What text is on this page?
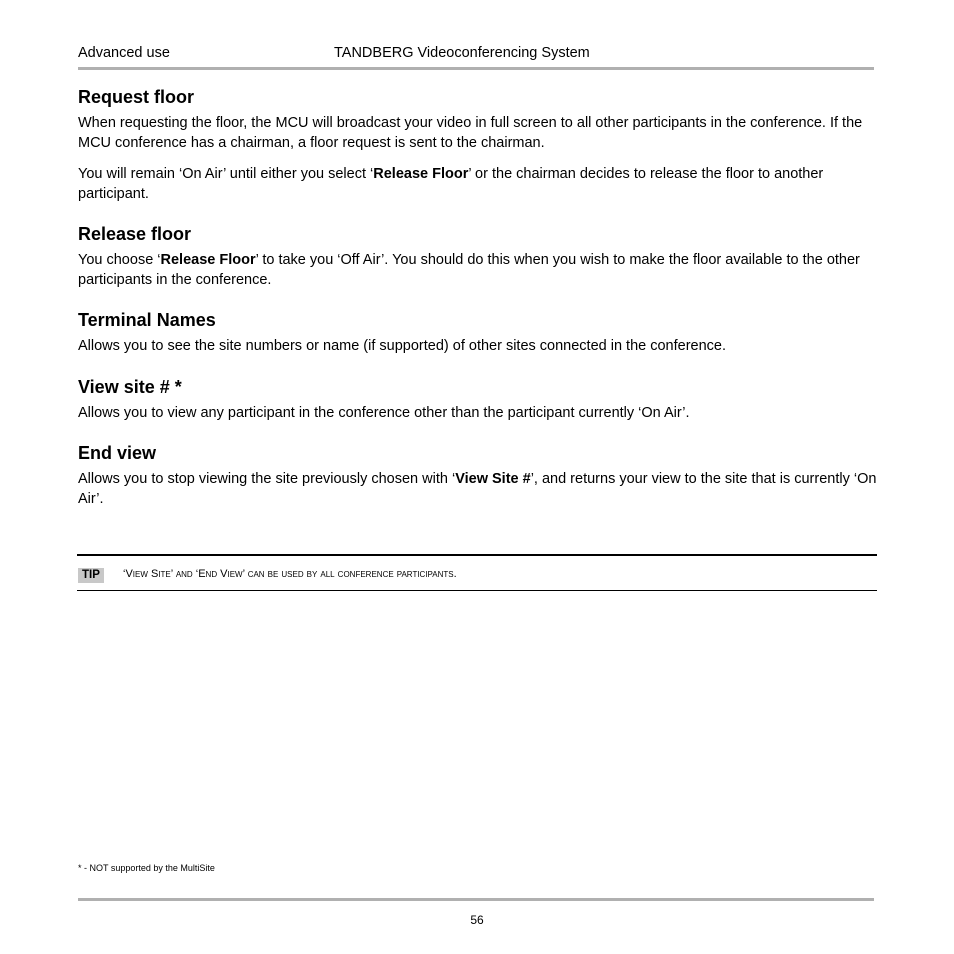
Advanced use	TANDBERG Videoconferencing System
Request floor

When requesting the floor, the MCU will broadcast your video in full screen to all other participants in the conference. If the MCU conference has a chairman, a floor request is sent to the chairman.

You will remain ‘On Air’ until either you select ‘Release Floor’ or the chairman decides to release the floor to another participant.

Release floor

You choose ‘Release Floor’ to take you ‘Off Air’. You should do this when you wish to make the floor available to the other participants in the conference.

Terminal Names

Allows you to see the site numbers or name (if supported) of other sites connected in the conference.

View site # *

Allows you to view any participant in the conference other than the participant currently ‘On Air’.

End view

Allows you to stop viewing the site previously chosen with ‘View Site #’, and returns your view to the site that is currently ‘On Air’.

TIP	‘View Site’ and ‘End View’ can be used by all conference participants.
* - NOT supported by the MultiSite
56
